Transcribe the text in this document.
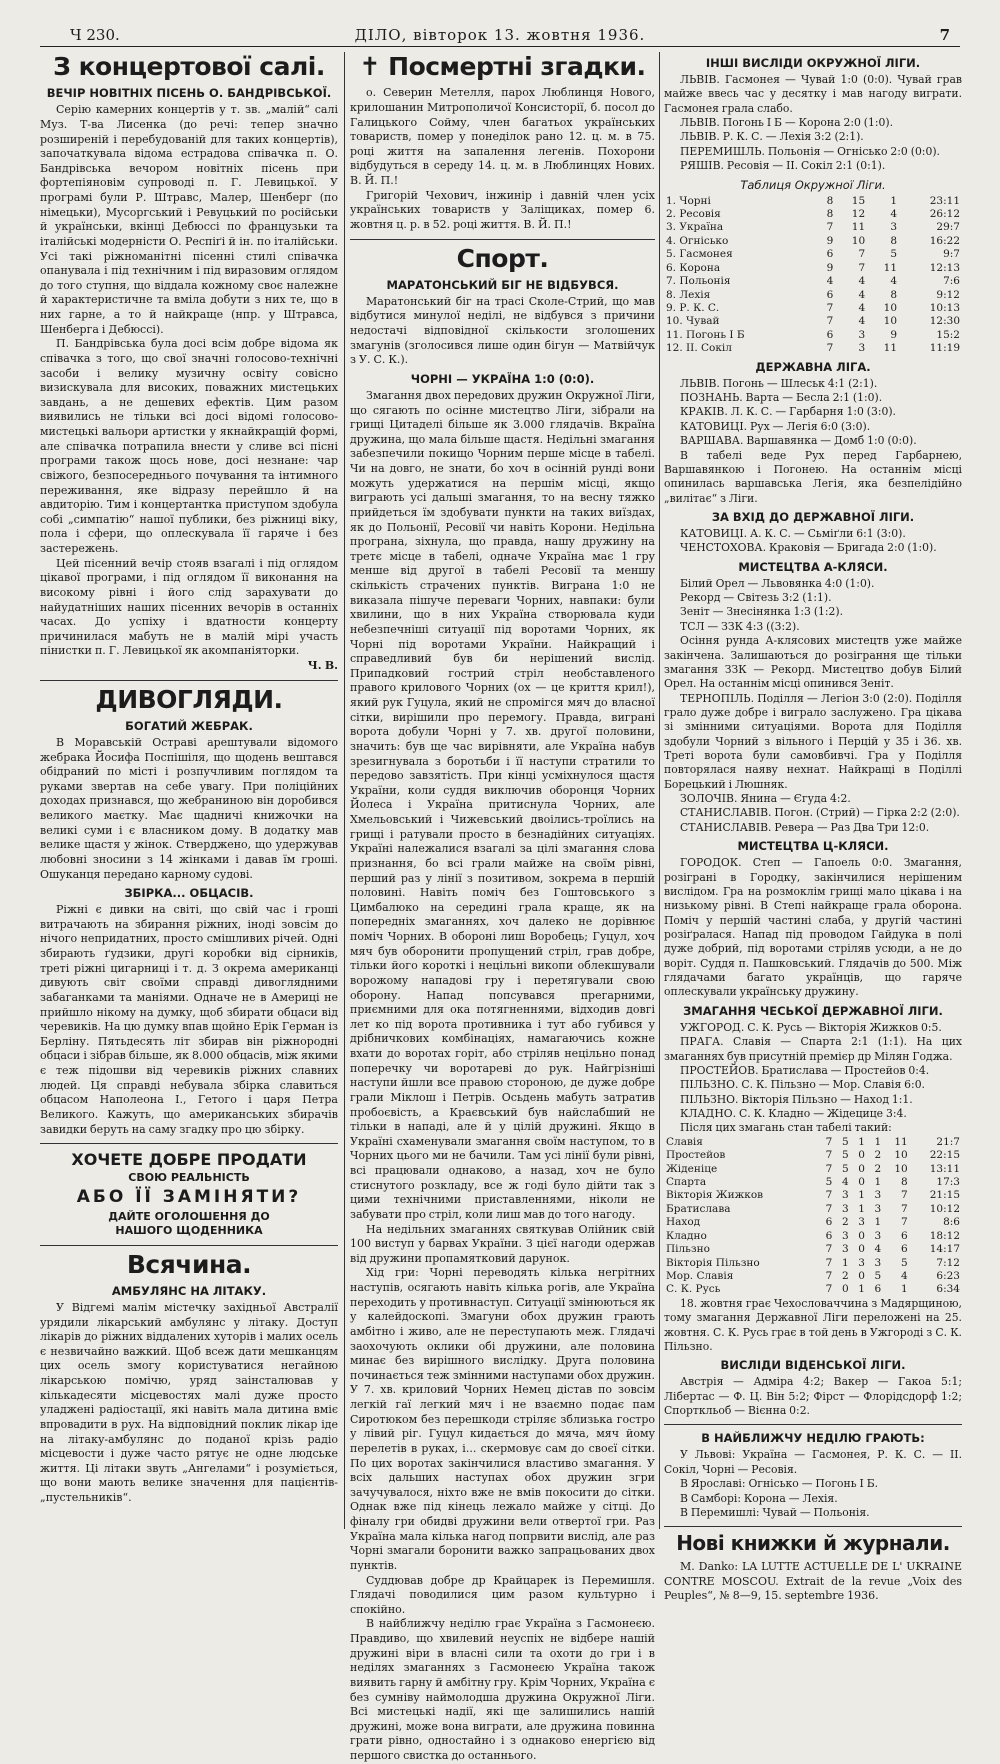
Ч 230.	ДІЛО, вівторок 13. жовтня 1936.	7
З концертової салі.
ВЕЧІР НОВІТНІХ ПІСЕНЬ О. БАНДРІВСЬКОЇ.

Серію камерних концертів у т. зв. „малій“ салі Муз. Т-ва Лисенка (до речі: тепер значно розширеній і перебудованій для таких концертів), започаткувала відома естрадова співачка п. О. Бандрівська вечором новітніх пісень при фортепіяновім супроводі п. Г. Левицької. У програмі були Р. Штравс, Малер, Шенберг (по німецьки), Мусоргський і Ревуцький по російськи й українськи, вкінці Дебюссі по французьки та італійські модерністи О. Респіґі й ін. по італійськи. Усі такі ріжноманітні пісенні стилі співачка опанувала і під технічним і під виразовим оглядом до того ступня, що віддала кожному своє належне й характеристичне та вміла добути з них те, що в них гарне, а то й найкраще (нпр. у Штравса, Шенберга і Дебюссі).

П. Бандрівська була досі всім добре відома як співачка з того, що свої значні голосово-технічні засоби і велику музичну освіту совісно визискувала для високих, поважних мистецьких завдань, а не дешевих ефектів. Цим разом виявились не тільки всі досі відомі голосово-мистецькі вальори артистки у якнайкращій формі, але співачка потрапила внести у сливе всі пісні програми також щось нове, досі незнане: чар свіжого, безпосереднього почування та інтимного переживання, яке відразу перейшло й на авдиторію. Тим і концертантка приступом здобула собі „симпатію“ нашої публики, без ріжниці віку, пола і сфери, що оплескувала її гаряче і без застережень.

Цей пісенний вечір стояв взагалі і під оглядом цікавої програми, і під оглядом її виконання на високому рівні і його слід зарахувати до найудатніших наших пісенних вечорів в останніх часах. До успіху і вдатности концерту причинилася мабуть не в малій мірі участь пінистки п. Г. Левицької як акомпаніяторки.

Ч. В.

ДИВОГЛЯДИ.
БОГАТИЙ ЖЕБРАК.

В Моравській Остраві арештували відомого жебрака Йосифа Поспішіля, що щодень вештався обідраний по місті і розпучливим поглядом та руками звертав на себе увагу. При поліційних доходах признався, що жебраниною він доробився великого маєтку. Має щадничі книжочки на великі суми і є власником дому. В додатку мав велике щастя у жінок. Стверджено, що удержував любовні зносини з 14 жінками і давав їм гроші. Ошуканця передано карному судові.

ЗБІРКА... ОБЦАСІВ.

Ріжні є дивки на світі, що свій час і гроші витрачають на збирання ріжних, іноді зовсім до нічого непридатних, просто смішливих річей. Одні збирають ґудзики, другі коробки від сірників, треті ріжні цигарниці і т. д. З окрема американці дивують світ своїми справді дивоглядними забаганками та маніями. Одначе не в Америці не прийшло нікому на думку, щоб збирати обцаси від черевиків. На цю думку впав щойно Ерік Герман із Берліну. Пятьдесять літ збирав він ріжнородні обцаси і зібрав більше, як 8.000 обцасів, між якими є теж підошви від черевиків ріжних славних людей. Ця справді небувала збірка славиться обцасом Наполеона І., Гетого і царя Петра Великого. Кажуть, що американських збирачів завидки беруть на саму згадку про цю збірку.

ХОЧЕТЕ ДОБРЕ ПРОДАТИ
СВОЮ РЕАЛЬНІСТЬ
АБО ЇЇ ЗАМІНЯТИ?
ДАЙТЕ ОГОЛОШЕННЯ ДО
НАШОГО ЩОДЕННИКА
Всячина.
АМБУЛЯНС НА ЛІТАКУ.

У Відгемі малім містечку західньої Австралії урядили лікарський амбулянс у літаку. Доступ лікарів до ріжних віддалених хуторів і малих осель є незвичайно важкий. Щоб всеж дати мешканцям цих осель змогу користуватися негайною лікарською помічю, уряд заінсталював у кількадесяти місцевостях малі дуже просто уладжені радіостації, які навіть мала дитина вміє впровадити в рух. На відповідний поклик лікар іде на літаку-амбулянс до поданої крізь радіо місцевости і дуже часто рятує не одне людське життя. Ці літаки звуть „Ангелами“ і розуміється, що вони мають велике значення для пацієнтів-„пустельників“.

✝ Посмертні згадки.

о. Северин Метелля, парох Люблинця Нового, крилошанин Митрополичої Консисторії, б. посол до Галицького Сойму, член багатьох українських товариств, помер у понеділок рано 12. ц. м. в 75. році життя на запалення легенів. Похорони відбудуться в середу 14. ц. м. в Люблинцях Нових. В. Й. П.!

Григорій Чехович, інжинір і давній член усіх українських товариств у Заліщиках, помер 6. жовтня ц. р. в 52. році життя. В. Й. П.!

Спорт.
МАРАТОНСЬКИЙ БІГ НЕ ВІДБУВСЯ.

Маратонський біг на трасі Сколе-Стрий, що мав відбутися минулої неділі, не відбувся з причини недостачі відповідної скількости зголошених змагунів (зголосився лише один бігун — Матвійчук з У. С. К.).

ЧОРНІ — УКРАЇНА 1:0 (0:0).

Змагання двох передових дружин Окружної Ліги, що сягають по осінне мистецтво Ліги, зібрали на грищі Цитаделі більше як 3.000 глядачів. Вкраїна дружина, що мала більше щастя. Недільні змагання забезпечили покищо Чорним перше місце в табелі. Чи на довго, не знати, бо хоч в осінній рунді вони можуть удержатися на першім місці, якщо виграють усі дальші змагання, то на весну тяжко прийдеться їм здобувати пункти на таких виїздах, як до Польонії, Ресовії чи навіть Корони. Недільна програна, зіхнула, що правда, нашу дружину на третє місце в табелі, одначе Україна має 1 гру менше від другої в табелі Ресовії та меншу скількість страчених пунктів. Виграна 1:0 не виказала пішуче переваги Чорних, навпаки: були хвилини, що в них Україна створювала куди небезпечніші ситуації під воротами Чорних, як Чорні під воротами України. Найкращий і справедливий був би нерішений вислід. Припадковий гострий стріл необставленого правого крилового Чорних (ох — це криття крил!), який рук Гуцула, який не спромігся мяч до власної сітки, вирішили про перемогу. Правда, виграні ворота добули Чорні у 7. хв. другої половини, значить: був ще час вирівняти, але Україна набув зрезигнувала з боротьби і її наступи стратили то передово завзятість. При кінці усміхнулося щастя України, коли суддя виключив оборонця Чорних Йолеса і Україна притиснула Чорних, але Хмельовський і Чижевський двоілись-троїлись на грищі і ратували просто в безнадійних ситуаціях. Україні належалися взагалі за цілі змагання слова признання, бо всі грали майже на своїм рівні, перший раз у лінії з позитивом, зокрема в першій половині. Навіть поміч без Гоштовського з Цимбалюко на середині грала краще, як на попередніх змаганнях, хоч далеко не дорівнює поміч Чорних. В обороні лиш Воробець; Гуцул, хоч мяч був оборонити пропущений стріл, грав добре, тільки його короткі і нецільні викопи облекшували ворожому нападові гру і перетягували свою оборону. Напад попсувався прегарними, приємними для ока потягненнями, відходив довгі лет ко під ворота противника і тут або губився у дрібничкових комбінаціях, намагаючись кожне вхати до воротах горіт, або стріляв нецільно понад поперечку чи воротареві до рук. Найгрізніші наступи йшли все правою стороною, де дуже добре грали Міклош і Петрів. Осьдень мабуть затратив пробоєвість, а Краєвський був найслабший не тільки в нападі, але й у цілій дружині. Якщо в Україні схаменували змагання своїм наступом, то в Чорних цього ми не бачили. Там усі лінії були рівні, всі працювали однаково, а назад, хоч не було стиснутого розкладу, все ж годі було дійти так з цими технічними приставленнями, ніколи не забувати про стріл, коли лиш мав до того нагоду.

На недільних змаганнях святкував Олійник свій 100 виступ у барвах України. З цієї нагоди одержав від дружини пропамятковий дарунок.

Хід гри: Чорні переводять кілька негрітних наступів, осягають навіть кілька рогів, але Україна переходить у противнаступ. Ситуації змінюються як у калейдоскопі. Змагуни обох дружин грають амбітно і живо, але не переступають меж. Глядачі заохочують оклики обі дружини, але половина минає без вирішного вислідку. Друга половина починається теж змінними наступами обох дружин. У 7. хв. криловий Чорних Немец дістав по зовсім легкій гаї легкий мяч і не взаємно подає пам Сиротюком без перешкоди стріляє зблизька гостро у лівий ріг. Гуцул кидається до мяча, мяч йому перелетів в руках, і... скермовує сам до своєї сітки. По цих воротах закінчилися властиво змагання. У всіх дальших наступах обох дружин згри зачучувалося, ніхто вже не вмів покосити до сітки. Однак вже під кінець лежало майже у сітці. До фіналу гри обидві дружини вели отвертої гри. Раз Україна мала кілька нагод попрвити вислід, але раз Чорні змагали боронити важко запрацьованих двох пунктів.

Суддював добре др Крайцарек із Перемишля. Глядачі поводилися цим разом культурно і спокійно.

В найближчу неділю грає Україна з Гасмонеєю. Правдиво, що хвилевий неуспіх не відбере нашій дружині віри в власні сили та охоти до гри і в неділях змаганнях з Гасмонеєю Україна також виявить гарну й амбітну гру. Крім Чорних, Україна є без сумніву наймолодша дружина Окружної Ліги. Всі мистецькі надії, які ще залишились нашій дружині, може вона виграти, але дружина повинна грати рівно, одностайно і з однаково енергією від першого свистка до останнього.

ІНШІ ВИСЛІДИ ОКРУЖНОЇ ЛІГИ.

ЛЬВІВ. Гасмонея — Чувай 1:0 (0:0). Чувай грав майже ввесь час у десятку і мав нагоду виграти. Гасмонея грала слабо.

ЛЬВІВ. Погонь І Б — Корона 2:0 (1:0).

ЛЬВІВ. Р. К. С. — Лехія 3:2 (2:1).

ПЕРЕМИШЛЬ. Польонія — Огнісько 2:0 (0:0).

РЯШІВ. Ресовія — II. Сокіл 2:1 (0:1).

Таблиця Окружної Ліги.
1. Чорні	8	15	1	23:11
2. Ресовія	8	12	4	26:12
3. Україна	7	11	3	29:7
4. Огнісько	9	10	8	16:22
5. Гасмонея	6	7	5	9:7
6. Корона	9	7	11	12:13
7. Польонія	4	4	4	7:6
8. Лехія	6	4	8	9:12
9. Р. К. С.	7	4	10	10:13
10. Чувай	7	4	10	12:30
11. Погонь І Б	6	3	9	15:2
12. II. Сокіл	7	3	11	11:19
ДЕРЖАВНА ЛІГА.

ЛЬВІВ. Погонь — Шлеськ 4:1 (2:1).

ПОЗНАНЬ. Варта — Бесла 2:1 (1:0).

КРАКІВ. Л. К. С. — Гарбарня 1:0 (3:0).

КАТОВИЦІ. Рух — Легія 6:0 (3:0).

ВАРШАВА. Варшавянка — Домб 1:0 (0:0).

В табелі веде Рух перед Гарбарнею, Варшавянкою і Погонею. На останнім місці опинилась варшавська Легія, яка безпелідійно „вилітає“ з Ліги.

ЗА ВХІД ДО ДЕРЖАВНОЇ ЛІГИ.

КАТОВИЦІ. А. К. С. — Сьміґли 6:1 (3:0).

ЧЕНСТОХОВА. Краковія — Бригада 2:0 (1:0).

МИСТЕЦТВА А-КЛЯСИ.

Білий Орел — Львовянка 4:0 (1:0).

Рекорд — Світезь 3:2 (1:1).

Зеніт — Знесінянка 1:3 (1:2).

ТСЛ — ЗЗК 4:3 ((3:2).

Осіння рунда А-клясових мистецтв уже майже закінчена. Залишаються до розіграння ще тільки змагання ЗЗК — Рекорд. Мистецтво добув Білий Орел. На останнім місці опинився Зеніт.

ТЕРНОПІЛЬ. Поділля — Легіон 3:0 (2:0). Поділля грало дуже добре і виграло заслужено. Гра цікава зі змінними ситуаціями. Ворота для Поділля здобули Чорний з вільного і Перцій у 35 і 36. хв. Треті ворота були самовбивчі. Гра у Поділля повторялася наяву нехнат. Найкращі в Поділлі Борецький і Люшняк.

ЗОЛОЧІВ. Янина — Єгуда 4:2.

СТАНИСЛАВІВ. Погон. (Стрий) — Гірка 2:2 (2:0).

СТАНИСЛАВІВ. Ревера — Раз Два Три 12:0.

МИСТЕЦТВА Ц-КЛЯСИ.

ГОРОДОК. Степ — Гапоель 0:0. Змагання, розіграні в Городку, закінчилися нерішеним вислідом. Гра на розмоклім грищі мало цікава і на низькому рівні. В Степі найкраще грала оборона. Поміч у першій частині слаба, у другій частині розіґралася. Напад під проводом Гайдука в полі дуже добрий, під воротами стріляв усюди, а не до воріт. Суддя п. Пашковський. Глядачів до 500. Між глядачами багато українців, що гаряче оплескували українську дружину.

ЗМАГАННЯ ЧЕСЬКОЇ ДЕРЖАВНОЇ ЛІГИ.

УЖГОРОД. С. К. Русь — Вікторія Жижков 0:5.

ПРАГА. Славія — Спарта 2:1 (1:1). На цих змаганнях був присутній премієр др Мілян Годжа.

ПРОСТЕЙОВ. Братиславa — Простейов 0:4.

ПІЛЬЗНО. С. К. Пільзно — Мор. Славія 6:0.

ПІЛЬЗНО. Вікторія Пільзно — Наход 1:1.

КЛАДНО. С. К. Кладно — Жідецице 3:4.

Після цих змагань стан табелі такий:

Славія	7	5	1	1	11	21:7
Простейов	7	5	0	2	10	22:15
Жіденіце	7	5	0	2	10	13:11
Спарта	5	4	0	1	8	17:3
Вікторія Жижков	7	3	1	3	7	21:15
Братислава	7	3	1	3	7	10:12
Наход	6	2	3	1	7	8:6
Кладно	6	3	0	3	6	18:12
Пільзно	7	3	0	4	6	14:17
Вікторія Пільзно	7	1	3	3	5	7:12
Мор. Славія	7	2	0	5	4	6:23
С. К. Русь	7	0	1	6	1	6:34

18. жовтня грає Чехословаччина з Мадярщиною, тому змагання Державної Ліги переложені на 25. жовтня. С. К. Русь грає в той день в Ужгороді з С. К. Пільзно.

ВИСЛІДИ ВІДЕНСЬКОЇ ЛІГИ.

Австрія — Адміра 4:2; Вакер — Гакоа 5:1; Лібертас — Ф. Ц. Він 5:2; Фірст — Флорідсдорф 1:2; Спорткльоб — Вієнна 0:2.

В НАЙБЛИЖЧУ НЕДІЛЮ ГРАЮТЬ:

У Львові: Україна — Гасмонея, Р. К. С. — II. Сокіл, Чорні — Ресовія.

В Ярославі: Огнісько — Погонь І Б.

В Самборі: Корона — Лехія.

В Перемишлі: Чувай — Польонія.

Нові книжки й журнали.

M. Danko: LA LUTTE ACTUELLE DE L' UKRAINE CONTRE MOSCOU. Extrait de la revue „Voix des Peuples“, № 8—9, 15. septembre 1936.
